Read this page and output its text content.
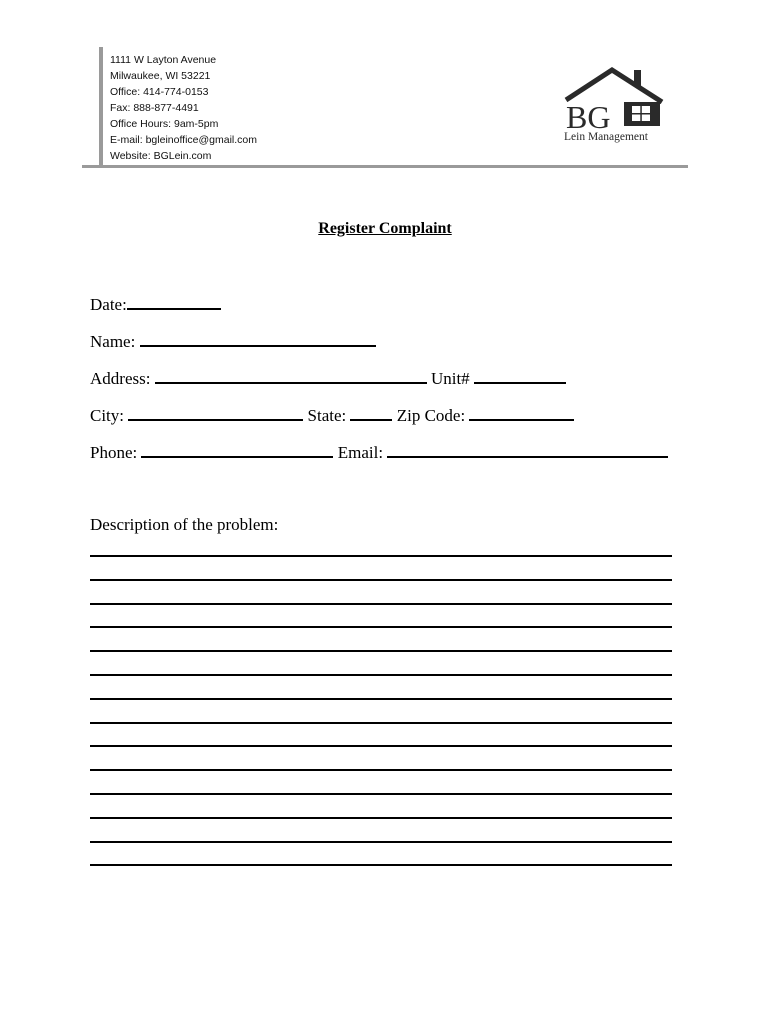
1111 W Layton Avenue
Milwaukee, WI 53221
Office: 414-774-0153
Fax: 888-877-4491
Office Hours: 9am-5pm
E-mail: bgleinoffice@gmail.com
Website: BGLein.com
BG
Lein Management
Register Complaint
Date:
Name:
Address:	Unit#
City:	State:	Zip Code:
Phone:	Email:
Description of the problem:
